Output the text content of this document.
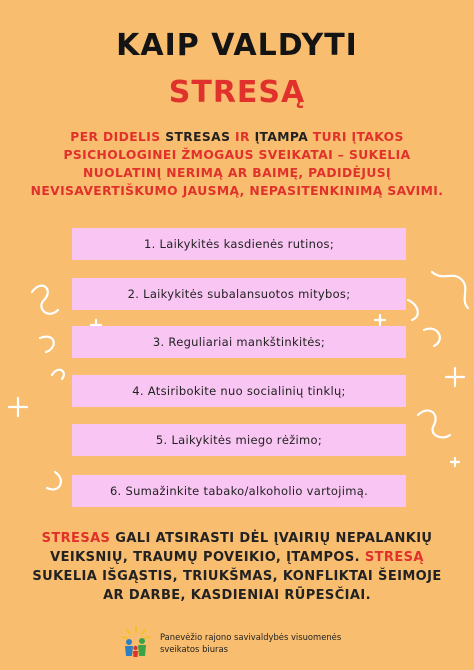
KAIP VALDYTI
STRESĄ
PER DIDELIS STRESAS IR ĮTAMPA TURI ĮTAKOS PSICHOLOGINEI ŽMOGAUS SVEIKATAI – SUKELIA NUOLATINĮ NERIMĄ AR BAIMĘ, PADIDĖJUSĮ NEVISAVERTIŠKUMO JAUSMĄ, NEPASITENKINIMĄ SAVIMI.
1. Laikykitės kasdienės rutinos;
2. Laikykitės subalansuotos mitybos;
3. Reguliariai mankštinkitės;
4. Atsiribokite nuo socialinių tinklų;
5. Laikykitės miego rėžimo;
6. Sumažinkite tabako/alkoholio vartojimą.
STRESAS GALI ATSIRASTI DĖL ĮVAIRIŲ NEPALANKIŲ VEIKSNIŲ, TRAUMŲ POVEIKIO, ĮTAMPOS. STRESĄ SUKELIA IŠGĄSTIS, TRIUKŠMAS, KONFLIKTAI ŠEIMOJE AR DARBE, KASDIENIAI RŪPESČIAI.
Panevėžio rajono savivaldybės visuomenės
sveikatos biuras
